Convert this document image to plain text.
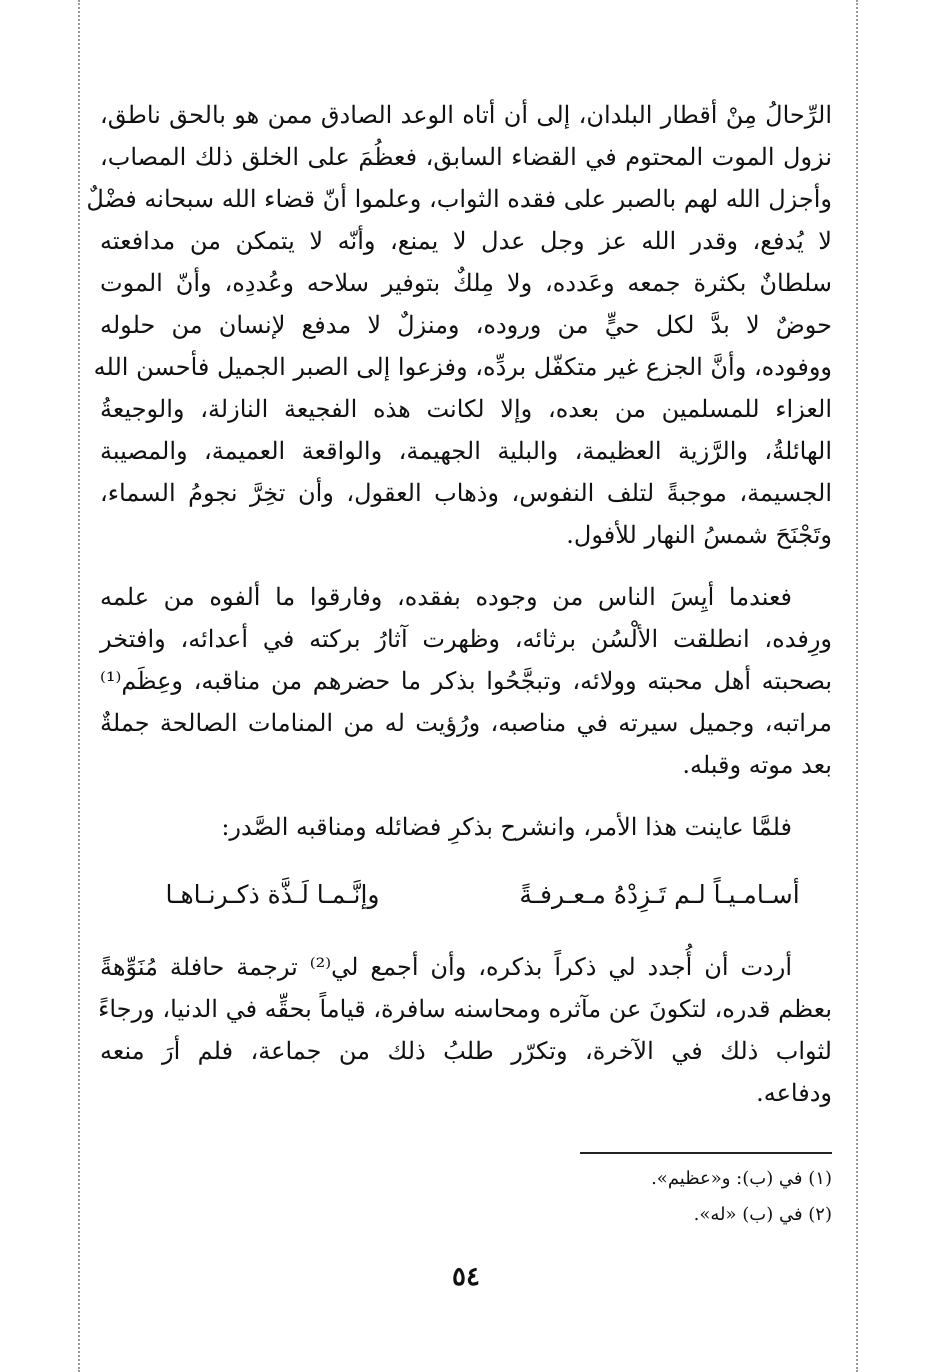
الرِّحالُ مِنْ أقطار البلدان، إلى أن أتاه الوعد الصادق ممن هو بالحق ناطق،
نزول الموت المحتوم في القضاء السابق، فعظُمَ على الخلق ذلك المصاب،
وأجزل الله لهم بالصبر على فقده الثواب، وعلموا أنّ قضاء الله سبحانه فضْلٌ
لا يُدفع، وقدر الله عز وجل عدل لا يمنع، وأنّه لا يتمكن من مدافعته
سلطانٌ بكثرة جمعه وعَدده، ولا مِلكٌ بتوفير سلاحه وعُددِه، وأنّ الموت
حوضٌ لا بدَّ لكل حيٍّ من وروده، ومنزلٌ لا مدفع لإنسان من حلوله
ووفوده، وأنَّ الجزع غير متكفّل بردِّه، وفزعوا إلى الصبر الجميل فأحسن الله
العزاء للمسلمين من بعده، وإلا لكانت هذه الفجيعة النازلة، والوجيعةُ
الهائلةُ، والرَّزية العظيمة، والبلية الجهيمة، والواقعة العميمة، والمصيبة
الجسيمة، موجبةً لتلف النفوس، وذهاب العقول، وأن تخِرَّ نجومُ السماء،
وتَجْنَحَ شمسُ النهار للأفول.
فعندما أيِسَ الناس من وجوده بفقده، وفارقوا ما ألفوه من علمه
ورِفده، انطلقت الألْسُن برثائه، وظهرت آثارُ بركته في أعدائه، وافتخر
بصحبته أهل محبته وولائه، وتبجَّحُوا بذكر ما حضرهم من مناقبه، وعِظَم⁽¹⁾
مراتبه، وجميل سيرته في مناصبه، ورُؤيت له من المنامات الصالحة جملةٌ
بعد موته وقبله.
فلمَّا عاينت هذا الأمر، وانشرح بذكرِ فضائله ومناقبه الصَّدر:
أسـامـيـاً لـم تَـزِدْهُ مـعـرفـةً
وإنَّـمـا لَـذَّة ذكـرنـاهـا
أردت أن أُجدد لي ذكراً بذكره، وأن أجمع لي⁽²⁾ ترجمة حافلة مُنَوِّهةً
بعظم قدره، لتكونَ عن مآثره ومحاسنه سافرة، قياماً بحقِّه في الدنيا، ورجاءً
لثواب ذلك في الآخرة، وتكرّر طلبُ ذلك من جماعة، فلم أرَ منعه
ودفاعه.
(١) في (ب): و«عظيم».
(٢) في (ب) «له».
٥٤
